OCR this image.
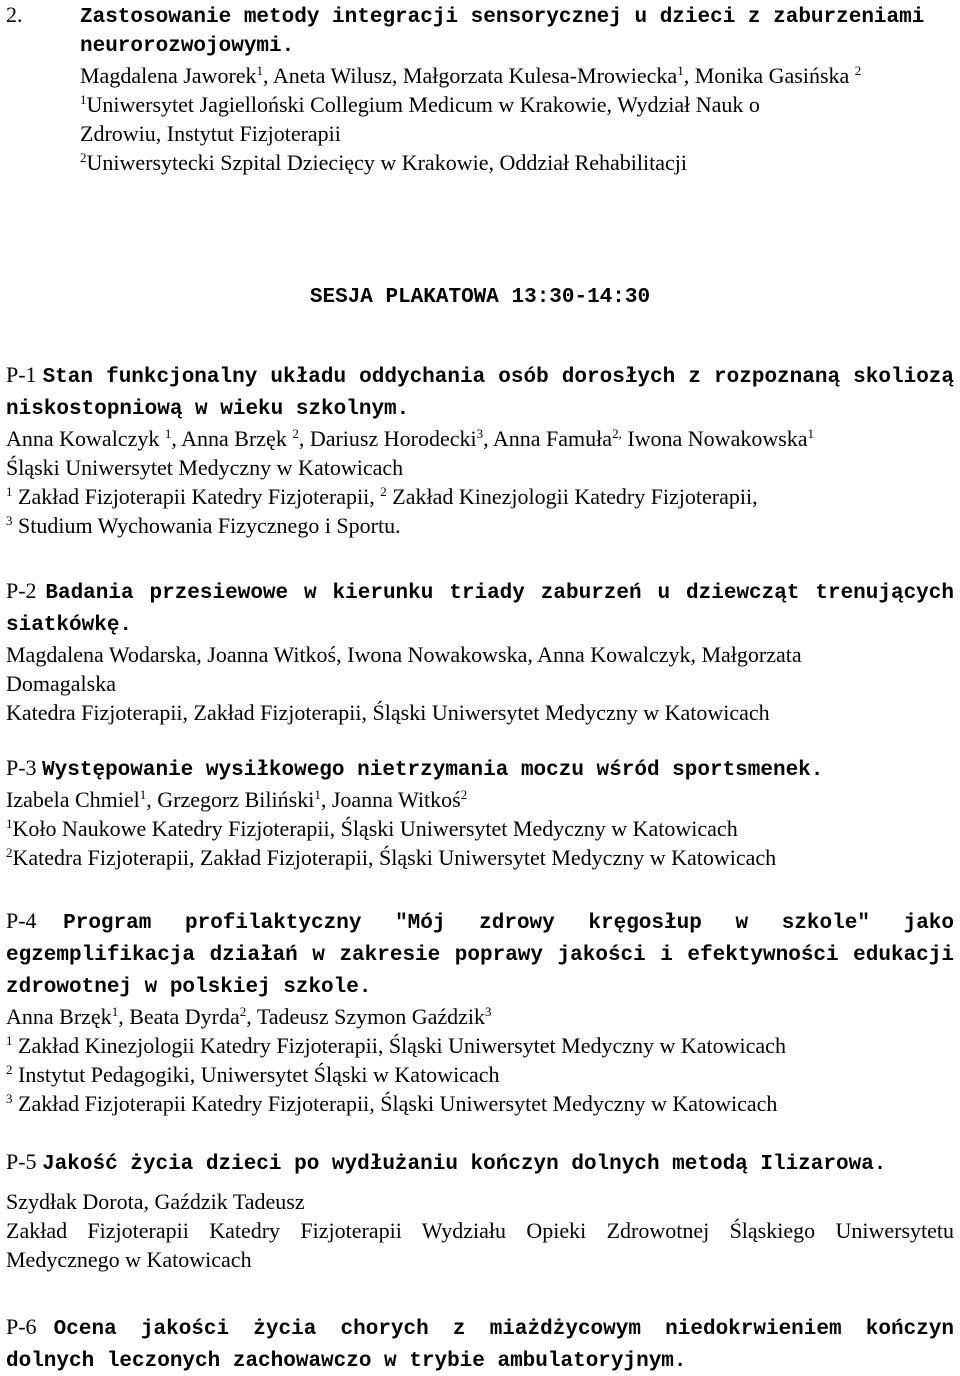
2.	Zastosowanie metody integracji sensorycznej u dzieci z zaburzeniami
neurorozwojowymi.
Magdalena Jaworek$^1$, Aneta Wilusz, Małgorzata Kulesa-Mrowiecka$^1$, Monika Gasińska $^2$
$^1$Uniwersytet Jagielloński Collegium Medicum w Krakowie, Wydział Nauk o
Zdrowiu, Instytut Fizjoterapii
$^2$Uniwersytecki Szpital Dziecięcy w Krakowie, Oddział Rehabilitacji
SESJA PLAKATOWA 13:30-14:30
P-1 Stan funkcjonalny układu oddychania osób dorosłych z rozpoznaną skoliozą niskostopniową w wieku szkolnym.
Anna Kowalczyk $^1$, Anna Brzęk $^2$, Dariusz Horodecki$^3$, Anna Famuła$^{2,}$ Iwona Nowakowska$^1$
Śląski Uniwersytet Medyczny w Katowicach
$^1$ Zakład Fizjoterapii Katedry Fizjoterapii, $^2$ Zakład Kinezjologii Katedry Fizjoterapii,
$^3$ Studium Wychowania Fizycznego i Sportu.
P-2 Badania przesiewowe w kierunku triady zaburzeń u dziewcząt trenujących siatkówkę.
Magdalena Wodarska, Joanna Witkoś, Iwona Nowakowska, Anna Kowalczyk, Małgorzata
Domagalska
Katedra Fizjoterapii, Zakład Fizjoterapii, Śląski Uniwersytet Medyczny w Katowicach
P-3 Występowanie wysiłkowego nietrzymania moczu wśród sportsmenek.
Izabela Chmiel$^1$, Grzegorz Biliński$^1$, Joanna Witkoś$^2$
$^1$Koło Naukowe Katedry Fizjoterapii, Śląski Uniwersytet Medyczny w Katowicach
$^2$Katedra Fizjoterapii, Zakład Fizjoterapii, Śląski Uniwersytet Medyczny w Katowicach
P-4 Program profilaktyczny "Mój zdrowy kręgosłup w szkole" jako egzemplifikacja działań w zakresie poprawy jakości i efektywności edukacji zdrowotnej w polskiej szkole.
Anna Brzęk$^1$, Beata Dyrda$^2$, Tadeusz Szymon Gaździk$^3$
$^1$ Zakład Kinezjologii Katedry Fizjoterapii, Śląski Uniwersytet Medyczny w Katowicach
$^2$ Instytut Pedagogiki, Uniwersytet Śląski w Katowicach
$^3$ Zakład Fizjoterapii Katedry Fizjoterapii, Śląski Uniwersytet Medyczny w Katowicach
P-5 Jakość życia dzieci po wydłużaniu kończyn dolnych metodą Ilizarowa.
Szydłak Dorota, Gaździk Tadeusz
Zakład Fizjoterapii Katedry Fizjoterapii Wydziału Opieki Zdrowotnej Śląskiego Uniwersytetu Medycznego w Katowicach
P-6 Ocena jakości życia chorych z miażdżycowym niedokrwieniem kończyn dolnych leczonych zachowawczo w trybie ambulatoryjnym.
